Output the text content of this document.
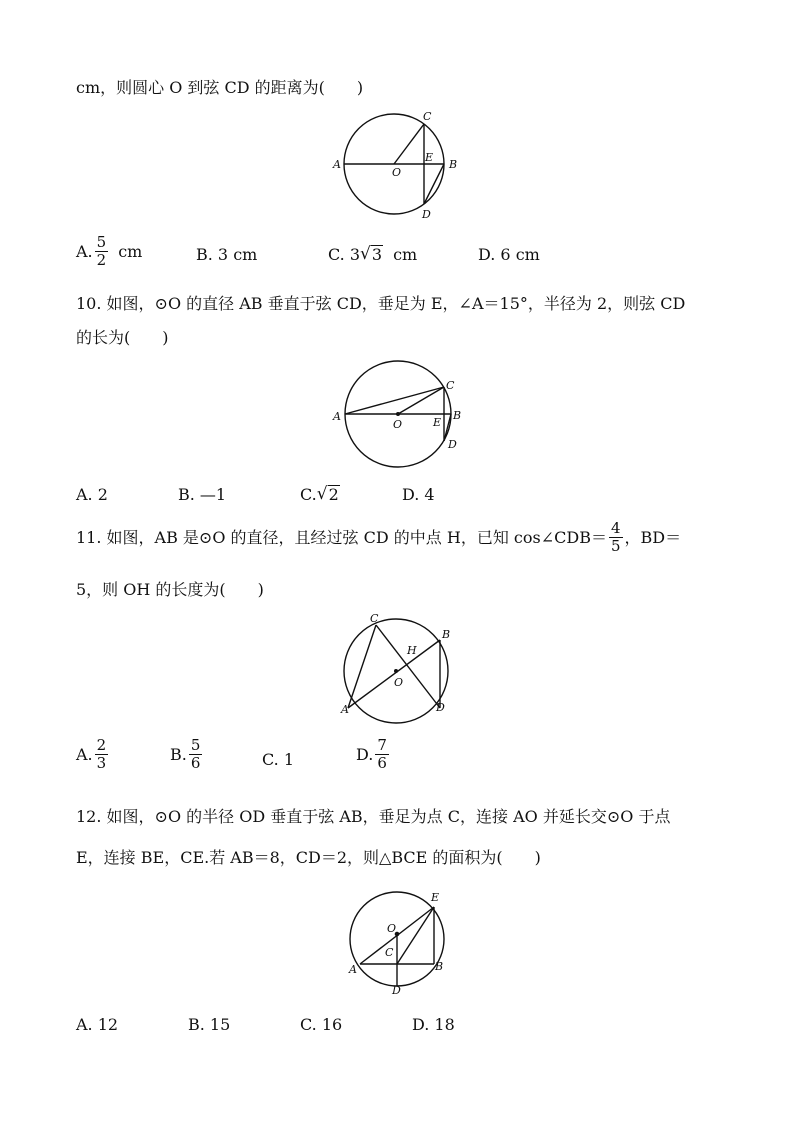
cm，则圆心 O 到弦 CD 的距离为(　　)
A
O
C
E
B
D
A. $\frac{5}{2}$ cm	B. 3 cm	C. 3 √ 3 cm	D. 6 cm
10. 如图，⊙O 的直径 AB 垂直于弦 CD，垂足为 E，∠A＝15°，半径为 2，则弦 CD
的长为(　　)
A
O
C
E
B
D
A. 2	B. —1	C. √ 2	D. 4
11. 如图，AB 是⊙O 的直径，且经过弦 CD 的中点 H，已知 cos∠CDB＝ $\frac{4}{5}$ ，BD＝
5，则 OH 的长度为(　　)
C
B
H
O
A	D
A. $\frac{2}{3}$	B. $\frac{5}{6}$	C. 1	D. $\frac{7}{6}$
12. 如图，⊙O 的半径 OD 垂直于弦 AB，垂足为点 C，连接 AO 并延长交⊙O 于点
E，连接 BE，CE.若 AB＝8，CD＝2，则△BCE 的面积为(　　)
E
O
C
A	B
D
A. 12	B. 15	C. 16	D. 18
